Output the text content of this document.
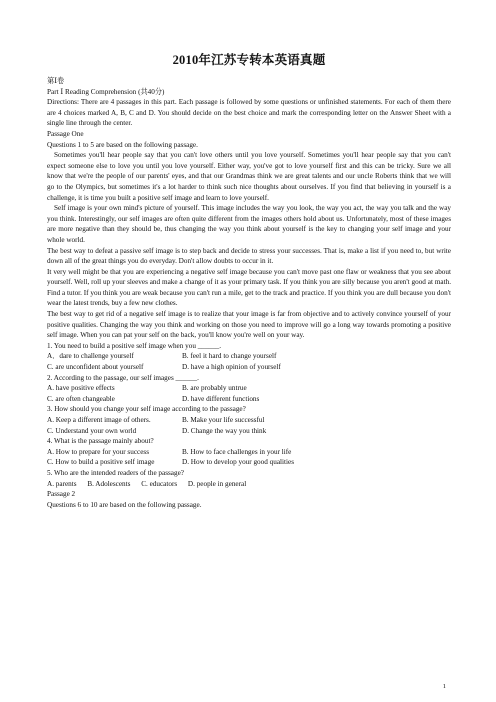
2010年江苏专转本英语真题

第Ⅰ卷

Part Ⅰ Reading Comprehension (共40分)

Directions: There are 4 passages in this part. Each passage is followed by some questions or unfinished statements. For each of them there are 4 choices marked A, B, C and D. You should decide on the best choice and mark the corresponding letter on the Answer Sheet with a single line through the center.

Passage One

Questions 1 to 5 are based on the following passage.

Sometimes you'll hear people say that you can't love others until you love yourself. Sometimes you'll hear people say that you can't expect someone else to love you until you love yourself. Either way, you've got to love yourself first and this can be tricky. Sure we all know that we're the people of our parents' eyes, and that our Grandmas think we are great talents and our uncle Roberts think that we will go to the Olympics, but sometimes it's a lot harder to think such nice thoughts about ourselves. If you find that believing in yourself is a challenge, it is time you built a positive self image and learn to love yourself.

Self image is your own mind's picture of yourself. This image includes the way you look, the way you act, the way you talk and the way you think. Interestingly, our self images are often quite different from the images others hold about us. Unfortunately, most of these images are more negative than they should be, thus changing the way you think about yourself is the key to changing your self image and your whole world.

The best way to defeat a passive self image is to step back and decide to stress your successes. That is, make a list if you need to, but write down all of the great things you do everyday. Don't allow doubts to occur in it.

It very well might be that you are experiencing a negative self image because you can't move past one flaw or weakness that you see about yourself. Well, roll up your sleeves and make a change of it as your primary task. If you think you are silly because you aren't good at math. Find a tutor. If you think you are weak because you can't run a mile, get to the track and practice. If you think you are dull because you don't wear the latest trends, buy a few new clothes.

The best way to get rid of a negative self image is to realize that your image is far from objective and to actively convince yourself of your positive qualities. Changing the way you think and working on those you need to improve will go a long way towards promoting a positive self image. When you can pat your self on the back, you'll know you're well on your way.

1. You need to build a positive self image when you ______.

A．dare to challenge yourself	B. feel it hard to change yourself
C. are unconfident about yourself	D. have a high opinion of yourself

2. According to the passage, our self images ______.

A. have positive effects	B. are probably untrue
C. are often changeable	D. have different functions

3. How should you change your self image according to the passage?

A. Keep a different image of others.	B. Make your life successful
C. Understand your own world	D. Change the way you think

4. What is the passage mainly about?

A. How to prepare for your success	B. How to face challenges in your life
C. How to build a positive self image	D. How to develop your good qualities

5. Who are the intended readers of the passage?

A. parents      B. Adolescents      C. educators      D. people in general

Passage 2

Questions 6 to 10 are based on the following passage.

1
